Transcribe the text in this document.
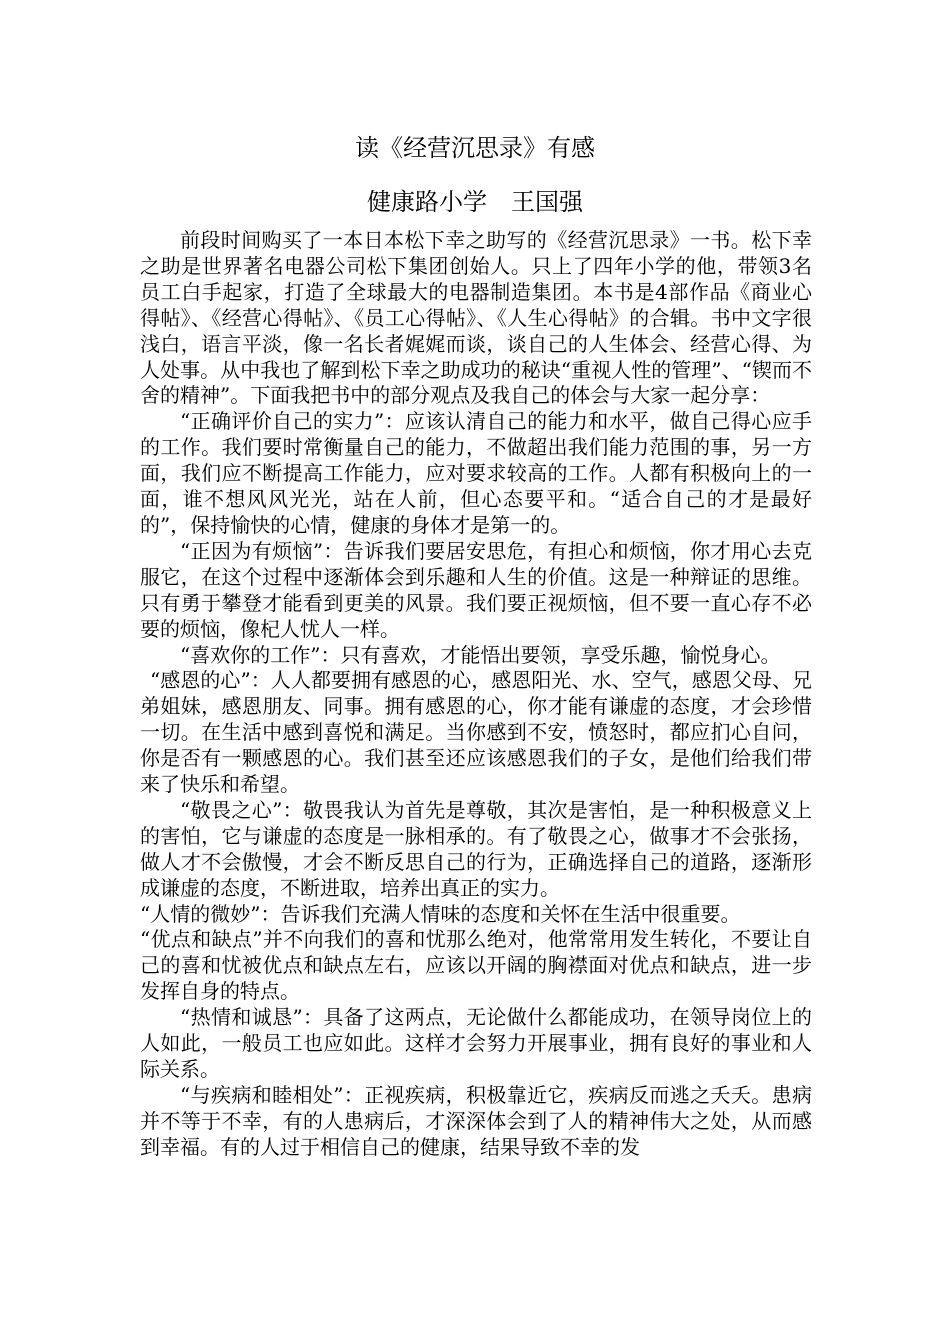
读《经营沉思录》有感
健康路小学　王国强

前段时间购买了一本日本松下幸之助写的《经营沉思录》一书。松下幸之助是世界著名电器公司松下集团创始人。只上了四年小学的他，带领3名员工白手起家，打造了全球最大的电器制造集团。本书是4部作品《商业心得帖》、《经营心得帖》、《员工心得帖》、《人生心得帖》的合辑。书中文字很浅白，语言平淡，像一名长者娓娓而谈，谈自己的人生体会、经营心得、为人处事。从中我也了解到松下幸之助成功的秘诀“重视人性的管理”、“锲而不舍的精神”。下面我把书中的部分观点及我自己的体会与大家一起分享：

“正确评价自己的实力”：应该认清自己的能力和水平，做自己得心应手的工作。我们要时常衡量自己的能力，不做超出我们能力范围的事，另一方面，我们应不断提高工作能力，应对要求较高的工作。人都有积极向上的一面，谁不想风风光光，站在人前，但心态要平和。“适合自己的才是最好的”，保持愉快的心情，健康的身体才是第一的。

“正因为有烦恼”：告诉我们要居安思危，有担心和烦恼，你才用心去克服它，在这个过程中逐渐体会到乐趣和人生的价值。这是一种辩证的思维。只有勇于攀登才能看到更美的风景。我们要正视烦恼，但不要一直心存不必要的烦恼，像杞人忧人一样。

“喜欢你的工作”：只有喜欢，才能悟出要领，享受乐趣，愉悦身心。

“感恩的心”：人人都要拥有感恩的心，感恩阳光、水、空气，感恩父母、兄弟姐妹，感恩朋友、同事。拥有感恩的心，你才能有谦虚的态度，才会珍惜一切。在生活中感到喜悦和满足。当你感到不安，愤怒时，都应扪心自问，你是否有一颗感恩的心。我们甚至还应该感恩我们的子女，是他们给我们带来了快乐和希望。

“敬畏之心”：敬畏我认为首先是尊敬，其次是害怕，是一种积极意义上的害怕，它与谦虚的态度是一脉相承的。有了敬畏之心，做事才不会张扬，做人才不会傲慢，才会不断反思自己的行为，正确选择自己的道路，逐渐形成谦虚的态度，不断进取，培养出真正的实力。

“人情的微妙”：告诉我们充满人情味的态度和关怀在生活中很重要。

“优点和缺点”并不向我们的喜和忧那么绝对，他常常用发生转化，不要让自己的喜和忧被优点和缺点左右，应该以开阔的胸襟面对优点和缺点，进一步发挥自身的特点。

“热情和诚恳”：具备了这两点，无论做什么都能成功，在领导岗位上的人如此，一般员工也应如此。这样才会努力开展事业，拥有良好的事业和人际关系。

“与疾病和睦相处”：正视疾病，积极靠近它，疾病反而逃之夭夭。患病并不等于不幸，有的人患病后，才深深体会到了人的精神伟大之处，从而感到幸福。有的人过于相信自己的健康，结果导致不幸的发
